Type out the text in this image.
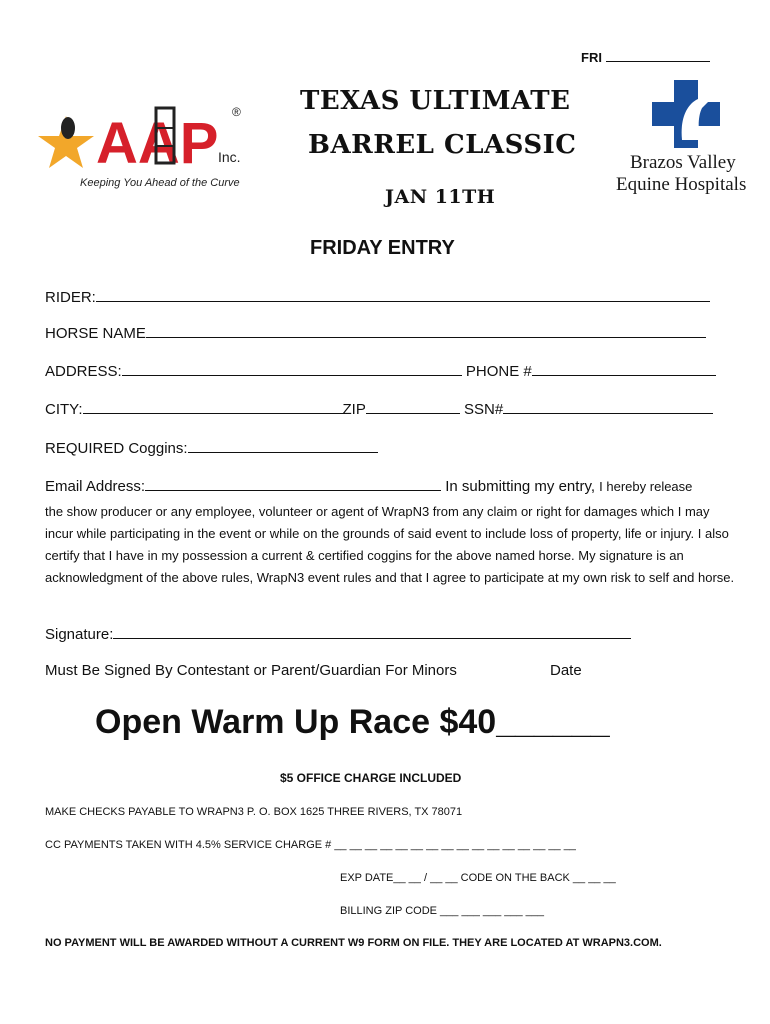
FRI
AAP ®
Inc.
Keeping You Ahead of the Curve
TEXAS ULTIMATE
BARREL CLASSIC
JAN 11TH
Brazos Valley
Equine Hospitals
FRIDAY ENTRY
RIDER:
HORSE NAME
ADDRESS:	PHONE #
CITY:	ZIP	SSN#
REQUIRED Coggins:
Email Address:	In submitting my entry, I hereby release
the show producer or any employee, volunteer or agent of WrapN3 from any claim or right for damages which I may incur while participating in the event or while on the grounds of said event to include loss of property, life or injury. I also certify that I have in my possession a current & certified coggins for the above named horse. My signature is an acknowledgment of the above rules, WrapN3 event rules and that I agree to participate at my own risk to self and horse.
Signature:
Must Be Signed By Contestant or Parent/Guardian For Minors	Date
Open Warm Up Race $40______
$5 OFFICE CHARGE INCLUDED
MAKE CHECKS PAYABLE TO WRAPN3 P. O. BOX 1625 THREE RIVERS, TX 78071
CC PAYMENTS TAKEN WITH 4.5% SERVICE CHARGE # __ __ __ __ __ __ __ __ __ __ __ __ __ __ __ __
EXP DATE__ __ / __ __ CODE ON THE BACK __ __ __
BILLING ZIP CODE ___ ___ ___ ___ ___
NO PAYMENT WILL BE AWARDED WITHOUT A CURRENT W9 FORM ON FILE. THEY ARE LOCATED AT WRAPN3.COM.
